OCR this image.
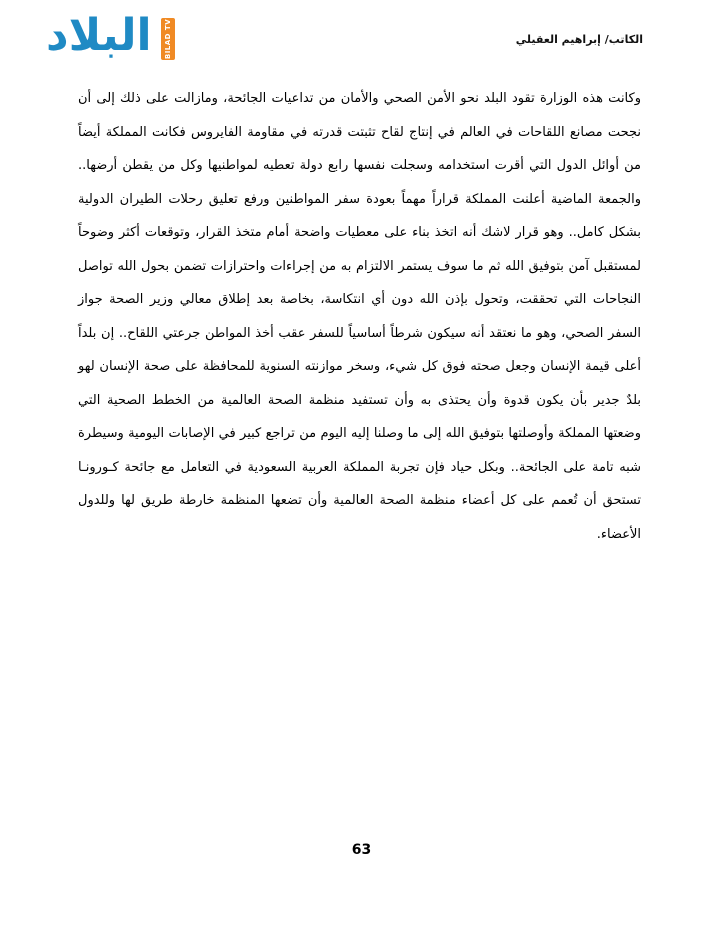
البلاد BILAD TV	الكاتب/ إبراهيم العقيلي
وكانت هذه الوزارة تقود البلد نحو الأمن الصحي والأمان من تداعيات الجائحة، ومازالت على ذلك إلى أن نجحت مصانع اللقاحات في العالم في إنتاج لقاح تثبتت قدرته في مقاومة الفايروس فكانت المملكة أيضاً من أوائل الدول التي أقرت استخدامه وسجلت نفسها رابع دولة تعطيه لمواطنيها وكل من يقطن أرضها.. والجمعة الماضية أعلنت المملكة قراراً مهماً بعودة سفر المواطنين ورفع تعليق رحلات الطيران الدولية بشكل كامل.. وهو قرار لاشك أنه اتخذ بناء على معطيات واضحة أمام متخذ القرار، وتوقعات أكثر وضوحاً لمستقبل آمن بتوفيق الله ثم ما سوف يستمر الالتزام به من إجراءات واحترازات تضمن بحول الله تواصل النجاحات التي تحققت، وتحول بإذن الله دون أي انتكاسة، بخاصة بعد إطلاق معالي وزير الصحة جواز السفر الصحي، وهو ما نعتقد أنه سيكون شرطاً أساسياً للسفر عقب أخذ المواطن جرعتي اللقاح.. إن بلداً أعلى قيمة الإنسان وجعل صحته فوق كل شيء، وسخر موازنته السنوية للمحافظة على صحة الإنسان لهو بلدٌ جدير بأن يكون قدوة وأن يحتذى به وأن تستفيد منظمة الصحة العالمية من الخطط الصحية التي وضعتها المملكة وأوصلتها بتوفيق الله إلى ما وصلنا إليه اليوم من تراجع كبير في الإصابات اليومية وسيطرة شبه تامة على الجائحة.. وبكل حياد فإن تجربة المملكة العربية السعودية في التعامل مع جائحة كـورونـا تستحق أن تُعمم على كل أعضاء منظمة الصحة العالمية وأن تضعها المنظمة خارطة طريق لها وللدول الأعضاء.
63
